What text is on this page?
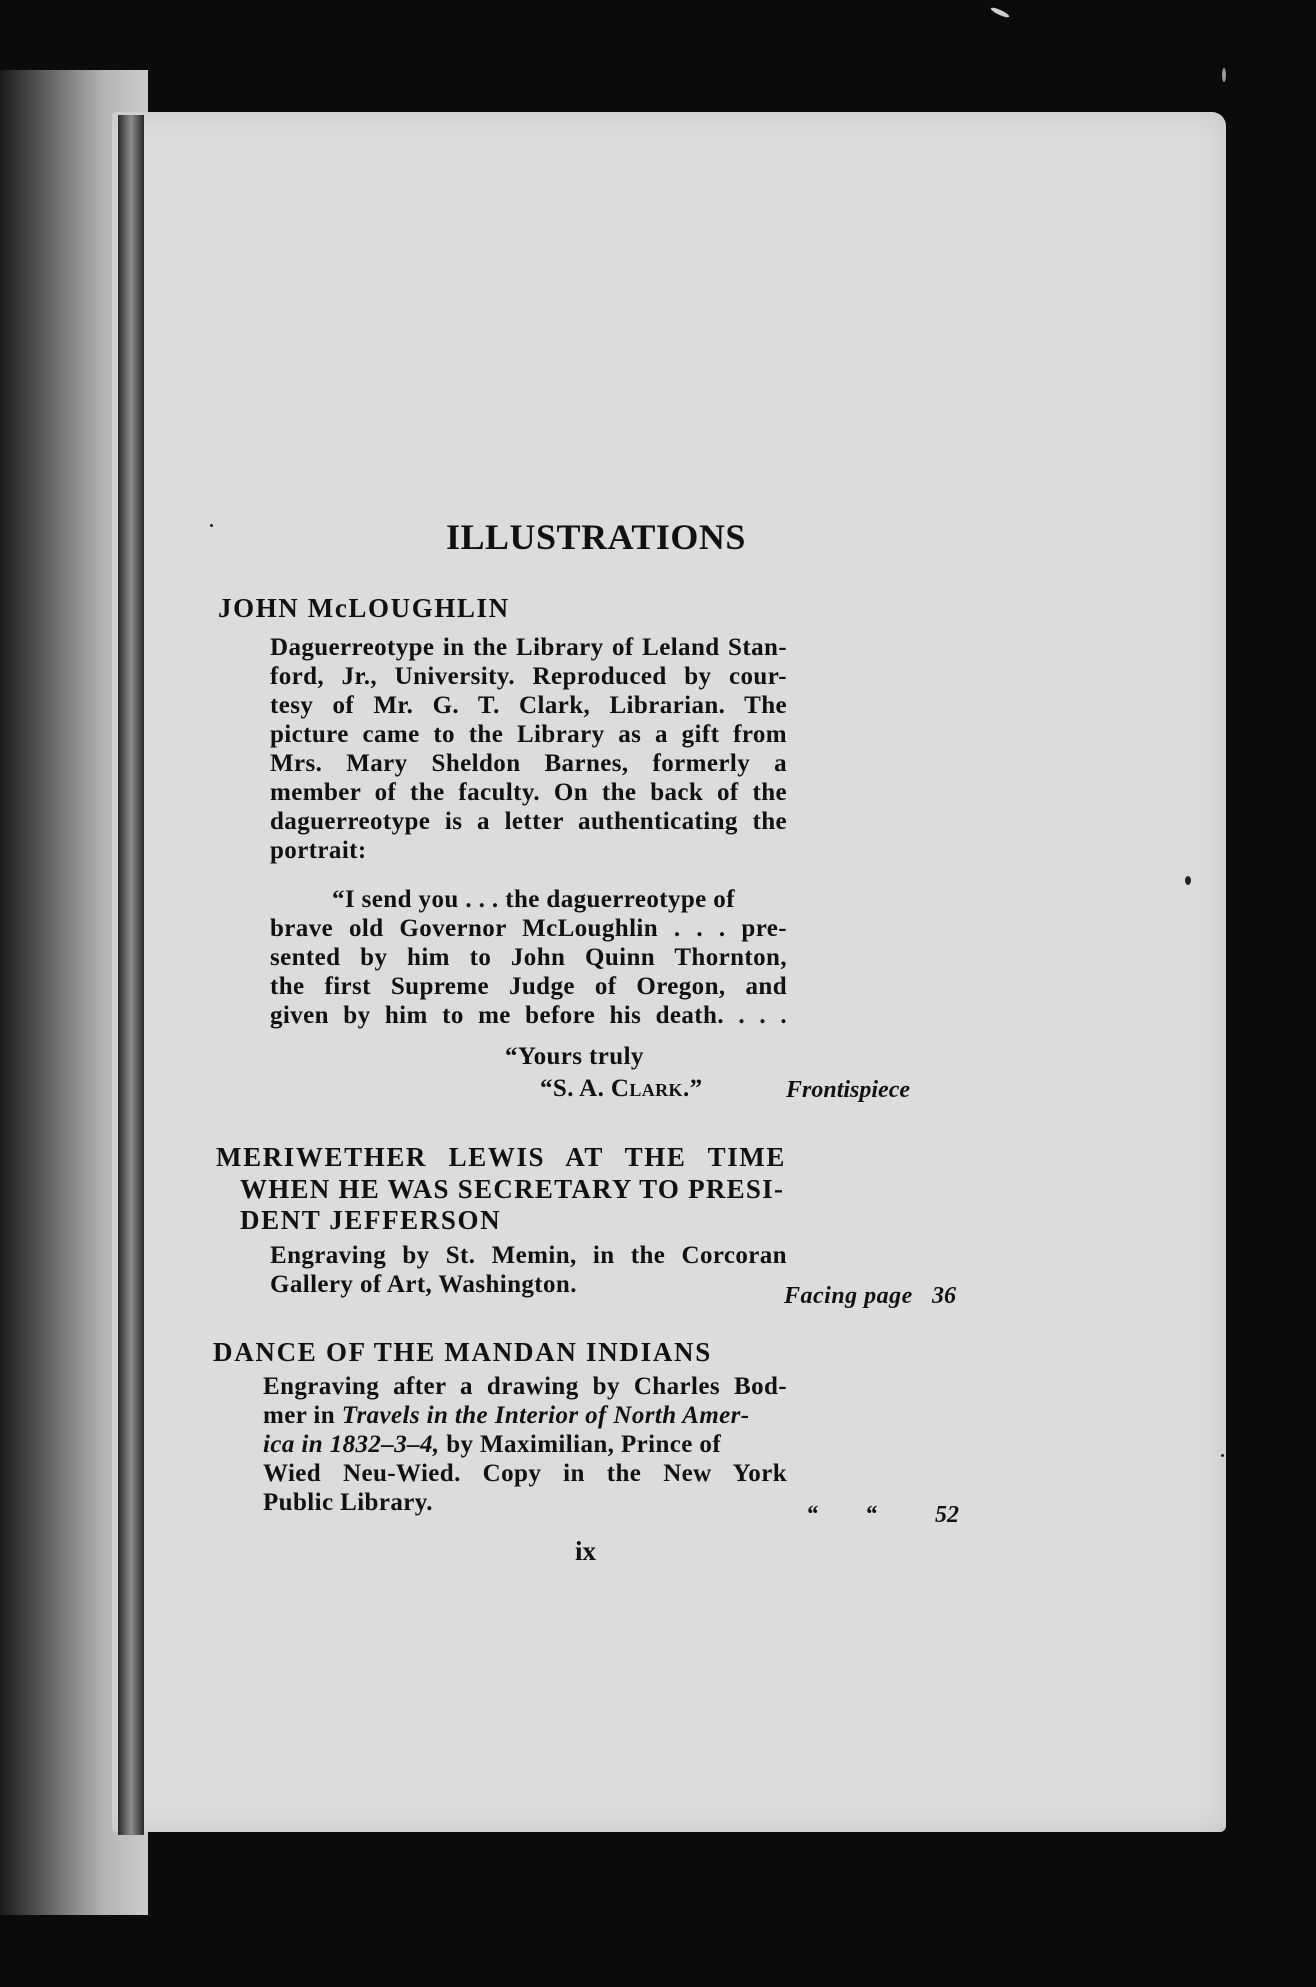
ILLUSTRATIONS
JOHN McLOUGHLIN
Daguerreotype in the Library of Leland Stan-
ford, Jr., University. Reproduced by cour-
tesy of Mr. G. T. Clark, Librarian. The
picture came to the Library as a gift from
Mrs. Mary Sheldon Barnes, formerly a
member of the faculty. On the back of the
daguerreotype is a letter authenticating the
portrait:
“I send you . . . the daguerreotype of
brave old Governor McLoughlin . . . pre-
sented by him to John Quinn Thornton,
the first Supreme Judge of Oregon, and
given by him to me before his death. . . .
“Yours truly
“S. A. Clark.”	Frontispiece
MERIWETHER LEWIS AT THE TIME
WHEN HE WAS SECRETARY TO PRESI-
DENT JEFFERSON
Engraving by St. Memin, in the Corcoran
Gallery of Art, Washington.	Facing page 36
DANCE OF THE MANDAN INDIANS
Engraving after a drawing by Charles Bod-
mer in Travels in the Interior of North Amer-
ica in 1832–3–4, by Maximilian, Prince of
Wied Neu-Wied. Copy in the New York
Public Library.	“ “ 52
ix
